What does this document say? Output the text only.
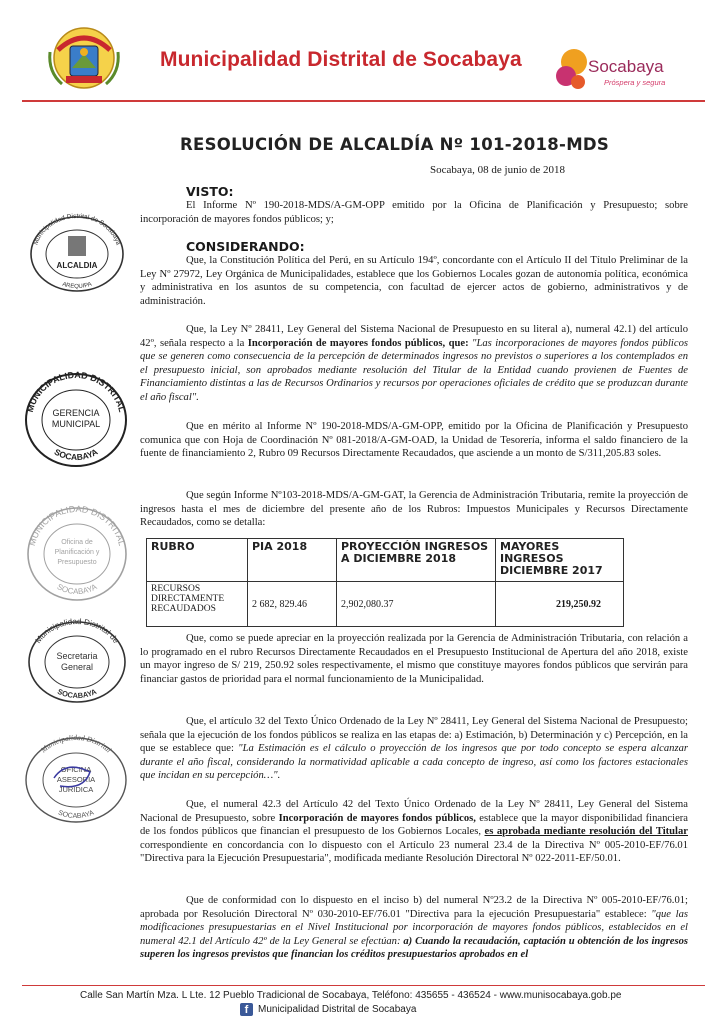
Municipalidad Distrital de Socabaya	Socabaya
Próspera y segura
RESOLUCIÓN DE ALCALDÍA Nº 101-2018-MDS
Socabaya, 08 de junio de 2018
VISTO:
El Informe Nº 190-2018-MDS/A-GM-OPP emitido por la Oficina de Planificación y Presupuesto; sobre incorporación de mayores fondos públicos; y;
CONSIDERANDO:
Que, la Constitución Política del Perú, en su Artículo 194º, concordante con el Artículo II del Título Preliminar de la Ley Nº 27972, Ley Orgánica de Municipalidades, establece que los Gobiernos Locales gozan de autonomía política, económica y administrativa en los asuntos de su competencia, con facultad de ejercer actos de gobierno, administrativos y de administración.
Que, la Ley Nº 28411, Ley General del Sistema Nacional de Presupuesto en su literal a), numeral 42.1) del artículo 42º, señala respecto a la Incorporación de mayores fondos públicos, que: "Las incorporaciones de mayores fondos públicos que se generen como consecuencia de la percepción de determinados ingresos no previstos o superiores a los contemplados en el presupuesto inicial, son aprobados mediante resolución del Titular de la Entidad cuando provienen de Fuentes de Financiamiento distintas a las de Recursos Ordinarios y recursos por operaciones oficiales de crédito que se produzcan durante el año fiscal".
Que en mérito al Informe Nº 190-2018-MDS/A-GM-OPP, emitido por la Oficina de Planificación y Presupuesto comunica que con Hoja de Coordinación Nº 081-2018/A-GM-OAD, la Unidad de Tesorería, informa el saldo financiero de la fuente de financiamiento 2, Rubro 09 Recursos Directamente Recaudados, que asciende a un monto de S/311,205.83 soles.
Que según Informe Nº103-2018-MDS/A-GM-GAT, la Gerencia de Administración Tributaria, remite la proyección de ingresos hasta el mes de diciembre del presente año de los Rubros: Impuestos Municipales y Recursos Directamente Recaudados, como se detalla:
RUBRO	PIA 2018	PROYECCIÓN INGRESOS A DICIEMBRE 2018	MAYORES INGRESOS DICIEMBRE 2017
RECURSOS DIRECTAMENTE RECAUDADOS	2 682, 829.46	2,902,080.37	219,250.92
Que, como se puede apreciar en la proyección realizada por la Gerencia de Administración Tributaria, con relación a lo programado en el rubro Recursos Directamente Recaudados en el Presupuesto Institucional de Apertura del año 2018, existe un mayor ingreso de S/ 219, 250.92 soles respectivamente, el mismo que constituye mayores fondos públicos que servirán para financiar gastos de prioridad para el normal funcionamiento de la Municipalidad.
Que, el artículo 32 del Texto Único Ordenado de la Ley Nº 28411, Ley General del Sistema Nacional de Presupuesto; señala que la ejecución de los fondos públicos se realiza en las etapas de: a) Estimación, b) Determinación y c) Percepción, en la que se establece que: "La Estimación es el cálculo o proyección de los ingresos que por todo concepto se espera alcanzar durante el año fiscal, considerando la normatividad aplicable a cada concepto de ingreso, así como los factores estacionales que incidan en su percepción…".
Que, el numeral 42.3 del Artículo 42 del Texto Único Ordenado de la Ley Nº 28411, Ley General del Sistema Nacional de Presupuesto, sobre Incorporación de mayores fondos públicos, establece que la mayor disponibilidad financiera de los fondos públicos que financian el presupuesto de los Gobiernos Locales, es aprobada mediante resolución del Titular correspondiente en concordancia con lo dispuesto con el Artículo 23 numeral 23.4 de la Directiva Nº 005-2010-EF/76.01 "Directiva para la Ejecución Presupuestaria", modificada mediante Resolución Directoral Nº 022-2011-EF/50.01.
Que de conformidad con lo dispuesto en el inciso b) del numeral Nº23.2 de la Directiva Nº 005-2010-EF/76.01; aprobada por Resolución Directoral Nº 030-2010-EF/76.01 "Directiva para la ejecución Presupuestaria" establece: "que las modificaciones presupuestarias en el Nivel Institucional por incorporación de mayores fondos públicos, establecidos en el numeral 42.1 del Artículo 42º de la Ley General se efectúan: a) Cuando la recaudación, captación u obtención de los ingresos superen los ingresos previstos que financian los créditos presupuestarios aprobados en el
Municipalidad Distrital de Socabaya
ALCALDIA
AREQUIPA
MUNICIPALIDAD DISTRITAL
GERENCIA
MUNICIPAL
SOCABAYA
MUNICIPALIDAD DISTRITAL
Oficina de
Planificación y
Presupuesto
SOCABAYA
Municipalidad Distrital de
Secretaria
General
SOCABAYA
Municipalidad Distrital
OFICINA
ASESORIA
JURIDICA
SOCABAYA
Calle San Martín Mza. L Lte. 12 Pueblo Tradicional de Socabaya, Teléfono: 435655 - 436524 - www.munisocabaya.gob.pe
f Municipalidad Distrital de Socabaya
